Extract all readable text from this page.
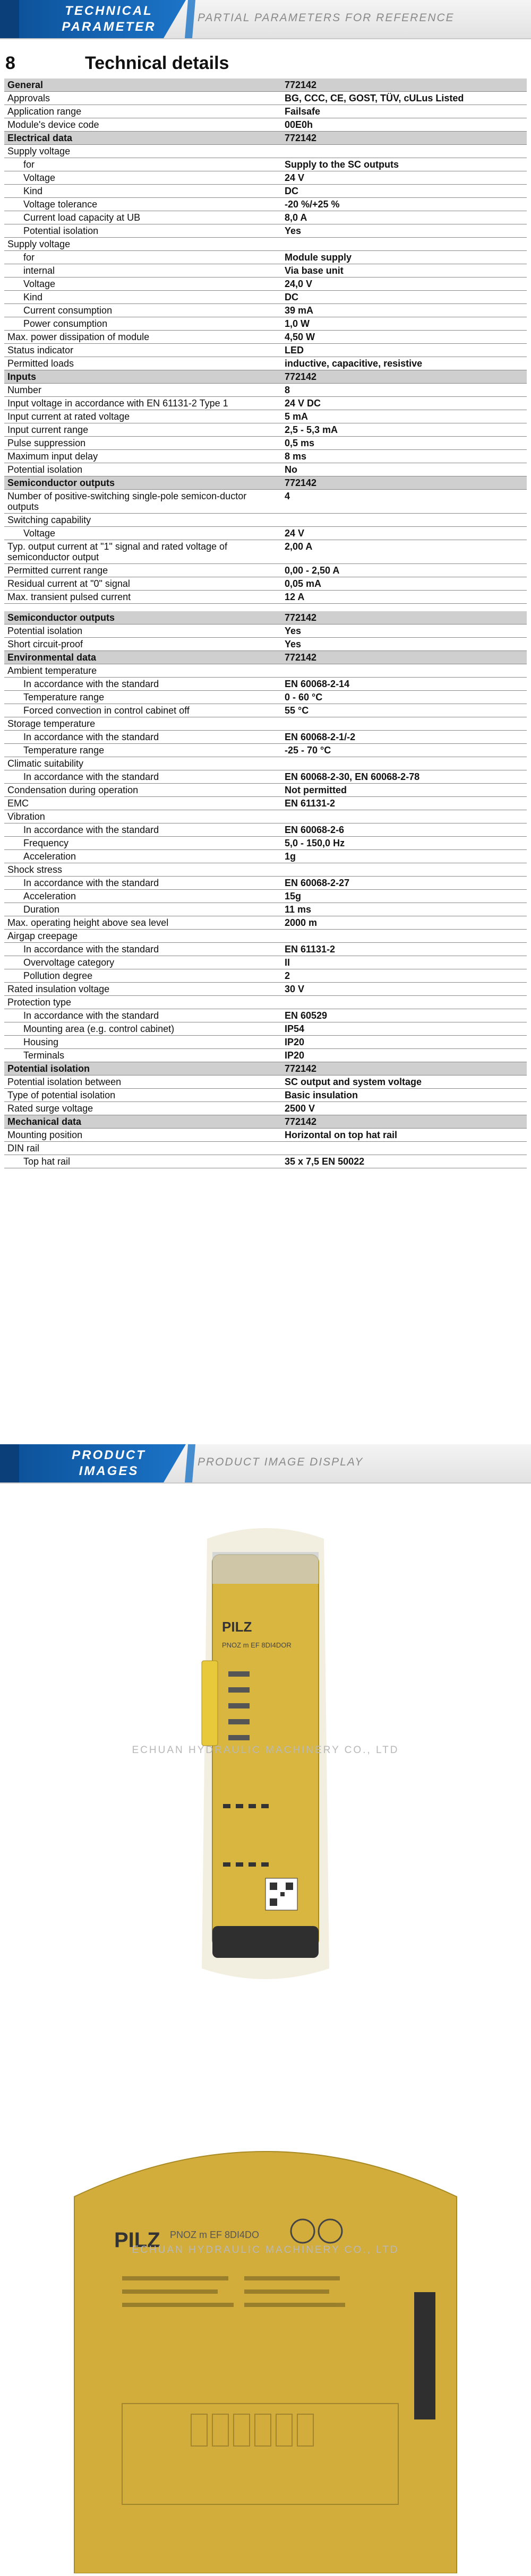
TECHNICAL
PARAMETER
PARTIAL PARAMETERS FOR REFERENCE
8	Technical details
General	772142
Approvals	BG, CCC, CE, GOST, TÜV, cULus Listed
Application range	Failsafe
Module's device code	00E0h
Electrical data	772142
Supply voltage	
for	Supply to the SC outputs
Voltage	24 V
Kind	DC
Voltage tolerance	-20 %/+25 %
Current load capacity at UB	8,0 A
Potential isolation	Yes
Supply voltage	
for	Module supply
internal	Via base unit
Voltage	24,0 V
Kind	DC
Current consumption	39 mA
Power consumption	1,0 W
Max. power dissipation of module	4,50 W
Status indicator	LED
Permitted loads	inductive, capacitive, resistive
Inputs	772142
Number	8
Input voltage in accordance with EN 61131-2 Type 1	24 V DC
Input current at rated voltage	5 mA
Input current range	2,5 - 5,3 mA
Pulse suppression	0,5 ms
Maximum input delay	8 ms
Potential isolation	No
Semiconductor outputs	772142
Number of positive-switching single-pole semicon-ductor outputs	4
Switching capability	
Voltage	24 V
Typ. output current at "1" signal and rated voltage of semiconductor output	2,00 A
Permitted current range	0,00 - 2,50 A
Residual current at "0" signal	0,05 mA
Max. transient pulsed current	12 A

Semiconductor outputs	772142
Potential isolation	Yes
Short circuit-proof	Yes
Environmental data	772142
Ambient temperature	
In accordance with the standard	EN 60068-2-14
Temperature range	0 - 60 °C
Forced convection in control cabinet off	55 °C
Storage temperature	
In accordance with the standard	EN 60068-2-1/-2
Temperature range	-25 - 70 °C
Climatic suitability	
In accordance with the standard	EN 60068-2-30, EN 60068-2-78
Condensation during operation	Not permitted
EMC	EN 61131-2
Vibration	
In accordance with the standard	EN 60068-2-6
Frequency	5,0 - 150,0 Hz
Acceleration	1g
Shock stress	
In accordance with the standard	EN 60068-2-27
Acceleration	15g
Duration	11 ms
Max. operating height above sea level	2000 m
Airgap creepage	
In accordance with the standard	EN 61131-2
Overvoltage category	II
Pollution degree	2
Rated insulation voltage	30 V
Protection type	
In accordance with the standard	EN 60529
Mounting area (e.g. control cabinet)	IP54
Housing	IP20
Terminals	IP20
Potential isolation	772142
Potential isolation between	SC output and system voltage
Type of potential isolation	Basic insulation
Rated surge voltage	2500 V
Mechanical data	772142
Mounting position	Horizontal on top hat rail
DIN rail	
Top hat rail	35 x 7,5 EN 50022
PRODUCT
IMAGES
PRODUCT IMAGE DISPLAY
PILZ
PNOZ m EF 8DI4DOR
ECHUAN HYDRAULIC MACHINERY CO., LTD
PILZ PNOZ m EF 8DI4DO
ECHUAN HYDRAULIC MACHINERY CO., LTD
